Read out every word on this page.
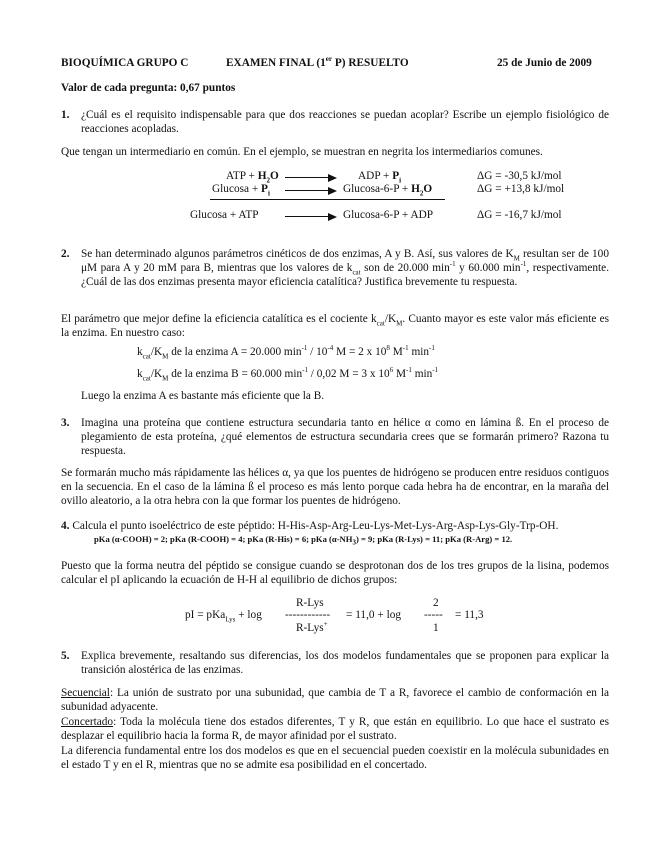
BIOQUÍMICA GRUPO C	EXAMEN FINAL (1er P) RESUELTO	25 de Junio de 2009
Valor de cada pregunta: 0,67 puntos
1. ¿Cuál es el requisito indispensable para que dos reacciones se puedan acoplar? Escribe un ejemplo fisiológico de reacciones acopladas.
Que tengan un intermediario en común. En el ejemplo, se muestran en negrita los intermediarios comunes.
ATP + $H_2O$	ADP + $P_i$	ΔG = -30,5 kJ/mol
$Glucosa + P_i$	$Glucosa-6-P + H_2O$	ΔG = +13,8 kJ/mol
Glucosa + ATP	Glucosa-6-P + ADP	ΔG = -16,7 kJ/mol
2. Se han determinado algunos parámetros cinéticos de dos enzimas, A y B. Así, sus valores de $K_M$ resultan ser de 100 μM para A y 20 mM para B, mientras que los valores de $k_{cat}$ son de 20.000 $\min^{-1} y$ 60.000 $\min^{-1}$, respectivamente. ¿Cuál de las dos enzimas presenta mayor eficiencia catalítica? Justifica brevemente tu respuesta.
El parámetro que mejor define la eficiencia catalítica es el cociente $k_{cat}/K_M$. Cuanto mayor es este valor más eficiente es la enzima. En nuestro caso:
$k_{cat}/K_M$ de la enzima A = 20.000 $\min^{-1} / 10^{-4}$ M = 2 x $10^8$ $M^{-1}$ $\min^{-1}$
$k_{cat}/K_M$ de la enzima B = 60.000 $\min^{-1} / 0,02$ M = 3 x $10^6$ $M^{-1}$ $\min^{-1}$
Luego la enzima A es bastante más eficiente que la B.
3. Imagina una proteína que contiene estructura secundaria tanto en hélice α como en lámina ß. En el proceso de plegamiento de esta proteína, ¿qué elementos de estructura secundaria crees que se formarán primero? Razona tu respuesta.
Se formarán mucho más rápidamente las hélices α, ya que los puentes de hidrógeno se producen entre residuos contiguos en la secuencia. En el caso de la lámina ß el proceso es más lento porque cada hebra ha de encontrar, en la maraña del ovillo aleatorio, a la otra hebra con la que formar los puentes de hidrógeno.
4. Calcula el punto isoeléctrico de este péptido: H-His-Asp-Arg-Leu-Lys-Met-Lys-Arg-Asp-Lys-Gly-Trp-OH.
pKa (α-COOH) = 2; pKa (R-COOH) = 4; pKa (R-His) = 6; pKa $(\alpha-NH_3) = 9$; pKa (R-Lys) = 11; pKa (R-Arg) = 12.
Puesto que la forma neutra del péptido se consigue cuando se desprotonan dos de los tres grupos de la lisina, podemos calcular el pI aplicando la ecuación de H-H al equilibrio de dichos grupos:
R-Lys
pI = pKa$_{Lys}$ + log ------------ = 11,0 + log
R-Lys+
2
----- = 11,3
1
5. Explica brevemente, resaltando sus diferencias, los dos modelos fundamentales que se proponen para explicar la transición alostérica de las enzimas.
Secuencial: La unión de sustrato por una subunidad, que cambia de T a R, favorece el cambio de conformación en la subunidad adyacente.
Concertado: Toda la molécula tiene dos estados diferentes, T y R, que están en equilibrio. Lo que hace el sustrato es desplazar el equilibrio hacia la forma R, de mayor afinidad por el sustrato.
La diferencia fundamental entre los dos modelos es que en el secuencial pueden coexistir en la molécula subunidades en el estado T y en el R, mientras que no se admite esa posibilidad en el concertado.
